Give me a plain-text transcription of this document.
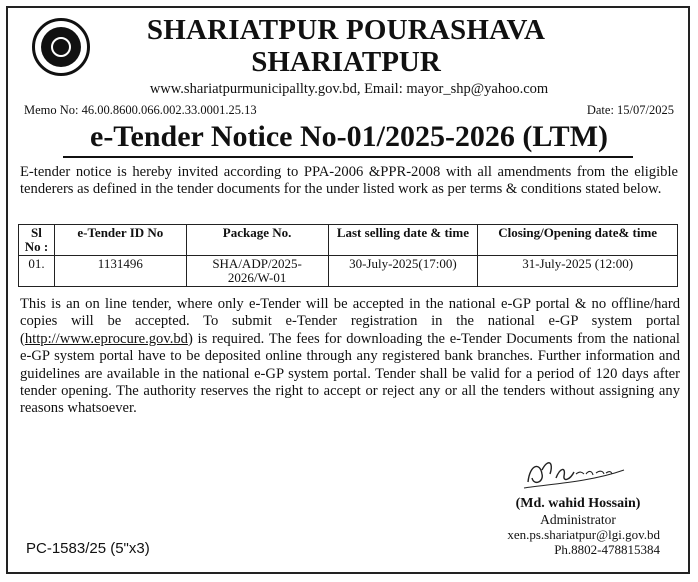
SHARIATPUR POURASHAVA
SHARIATPUR
www.shariatpurmunicipallty.gov.bd, Email: mayor_shp@yahoo.com
Memo No: 46.00.8600.066.002.33.0001.25.13	Date: 15/07/2025
e-Tender Notice No-01/2025-2026 (LTM)
E-tender notice is hereby invited according to PPA-2006 &PPR-2008 with all amendments from the eligible tenderers as defined in the tender documents for the under listed work as per terms & conditions stated below.
Sl No :	e-Tender ID No	Package No.	Last selling date & time	Closing/Opening date& time
01.	1131496	SHA/ADP/2025-2026/W-01	30-July-2025(17:00)	31-July-2025 (12:00)
This is an on line tender, where only e-Tender will be accepted in the national e-GP portal & no offline/hard copies will be accepted. To submit e-Tender registration in the national e-GP system portal (http://www.eprocure.gov.bd) is required. The fees for downloading the e-Tender Documents from the national e-GP system portal have to be deposited online through any registered bank branches. Further information and guidelines are available in the national e-GP system portal. Tender shall be valid for a period of 120 days after tender opening. The authority reserves the right to accept or reject any or all the tenders without assigning any reasons whatsoever.
(Md. wahid Hossain)
Administrator
xen.ps.shariatpur@lgi.gov.bd
Ph.8802-478815384
PC-1583/25 (5"x3)
